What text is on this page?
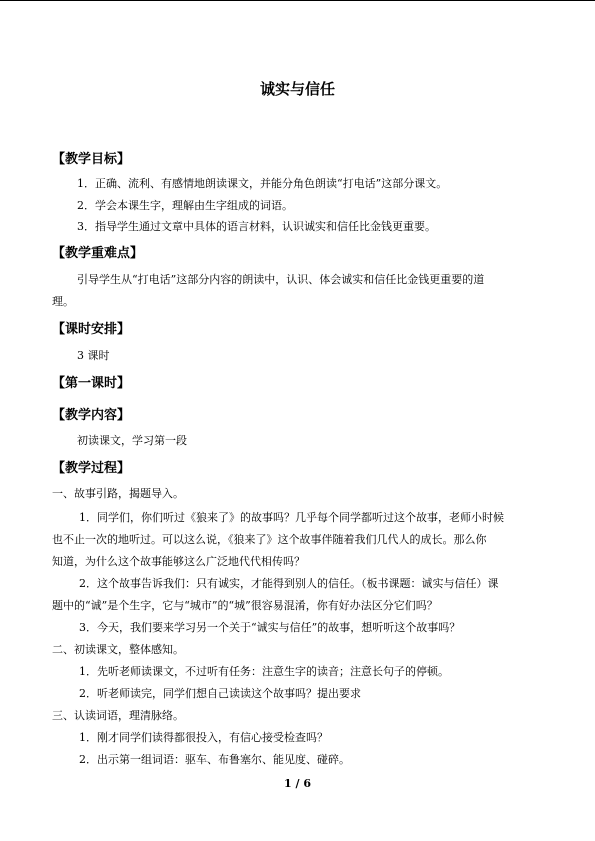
诚实与信任
【教学目标】
1．正确、流利、有感情地朗读课文，并能分角色朗读“打电话”这部分课文。
2．学会本课生字，理解由生字组成的词语。
3．指导学生通过文章中具体的语言材料，认识诚实和信任比金钱更重要。
【教学重难点】
引导学生从“打电话”这部分内容的朗读中，认识、体会诚实和信任比金钱更重要的道
理。
【课时安排】
3 课时
【第一课时】
【教学内容】
初读课文，学习第一段
【教学过程】
一、故事引路，揭题导入。
1．同学们，你们听过《狼来了》的故事吗？几乎每个同学都听过这个故事，老师小时候
也不止一次的地听过。可以这么说，《狼来了》这个故事伴随着我们几代人的成长。那么你
知道，为什么这个故事能够这么广泛地代代相传吗？
2．这个故事告诉我们：只有诚实，才能得到别人的信任。（板书课题：诚实与信任）课
题中的“诚”是个生字，它与“城市”的“城”很容易混淆，你有好办法区分它们吗？
3．今天，我们要来学习另一个关于“诚实与信任”的故事，想听听这个故事吗？
二、初读课文，整体感知。
1．先听老师读课文，不过听有任务：注意生字的读音；注意长句子的停顿。
2．听老师读完，同学们想自己读读这个故事吗？提出要求
三、认读词语，理清脉络。
1．刚才同学们读得都很投入，有信心接受检查吗？
2．出示第一组词语：驱车、布鲁塞尔、能见度、碰碎。
1 / 6
